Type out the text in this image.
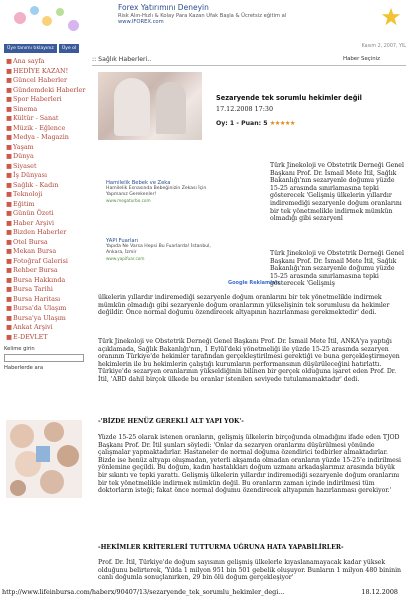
Forex Yatırımını Deneyin
Risk Alın-Hızlı & Kolay Para Kazan Ufak Başla & Ücretsiz eğitim al
www.IFOREX.com
Üye tanımı tıklayınız	Üye ol
■Ana sayfa
■HEDİYE KAZAN!
■Güncel Haberler
■Gündemdeki Haberler
■Spor Haberleri
■Sinema
■Kültür - Sanat
■Müzik - Eğlence
■Medya - Magazin
■Yaşam
■Dünya
■Siyaset
■İş Dünyası
■Sağlık - Kadın
■Teknoloji
■Eğitim
■Günün Özeti
■Haber Arşivi
■Bizden Haberler
■Otel Bursa
■Mekan Bursa
■Fotoğraf Galerisi
■Rehber Bursa
■Bursa Hakkında
■Bursa Tarihi
■Bursa Haritası
■Bursa'da Ulaşım
■Bursa'ya Ulaşım
■Ankat Arşivi
■E-DEVLET
Kelime girin
Haberlerde ara
Kasım 2, 2007, YIL
:: Sağlık Haberleri..	Haber Seçiniz
Sezaryende tek sorumlu hekimler değil
17.12.2008 17:30
Oy: 1 - Puan: 5 ★★★★★
Hamilelik Bebek ve Zeka
Hamilelik Esnasında Bebeğinizin Zekası İçin Yapmanız Gerekenler!
www.megaturbo.com
YAPI Fuarları
Yapıda Ne Varsa Hepsi Bu Fuarlarda! İstanbul, Ankara, İzmir
www.yapifuar.com
Google Reklamları
Türk Jinekoloji ve Obstetrik Derneği Genel Başkanı Prof. Dr. İsmail Mete İtil, Sağlık Bakanlığı'nın sezaryenle doğumu yüzde 15-25 arasında sınırlamasına tepki gösterecek 'Gelişmiş ülkelerin yıllardır indiremediği sezaryenle doğum oranlarını bir tek yönetmelikle indirmek mümkün olmadığı gibi sezaryenl
Türk Jinekoloji ve Obstetrik Derneği Genel Başkanı Prof. Dr. İsmail Mete İtil, Sağlık Bakanlığı'nın sezaryenle doğumu yüzde 15-25 arasında sınırlamasına tepki gösterecek 'Gelişmiş
ülkelerin yıllardır indiremediği sezaryenle doğum oranlarını bir tek yönetmelikle indirmek mümkün olmadığı gibi sezaryenle doğum oranlarının yükselişinin tek sorumlusu da hekimler değildir. Önce normal doğumu özendirecek altyapının hazırlanması gerekmektedir' dedi.
Türk Jinekoloji ve Obstetrik Derneği Genel Başkanı Prof. Dr. İsmail Mete İtil, ANKA'ya yaptığı açıklamada, Sağlık Bakanlığı'nın, 1 Eylül'deki yönetmeliği ile yüzde 15-25 arasında sezaryen oranının Türkiye'de hekimler tarafından gerçekleştirilmesi gerektiği ve buna gerçekleştirmeyen hekimlerin ile bu hekimlerin çalıştığı kurumların performansının düşürüleceğini hatırlattı. Türkiye'de sezaryen oranlarının yükseldiğinin bilinen bir gerçek olduğuna işaret eden Prof. Dr. İtil, 'ABD dahil birçok ülkede bu oranlar istenilen seviyede tutulamamaktadır' dedi.
-'BİZDE HENÜZ GEREKLİ ALT YAPI YOK'-
Yüzde 15-25 olarak istenen oranların, gelişmiş ülkelerin birçoğunda olmadığını ifade eden TJOD Başkanı Prof. Dr. İtil şunları söyledi: 'Onlar da sezaryen oranlarını düşürülmesi yönünde çalışmalar yapmaktadırlar. Hastaneler de normal doğuma özendirici tedbirler almaktadırlar. Bizde ise henüz altyapı oluşmadan, yeterli akşamda olmadan oranların yüzde 15-25'e indirilmesi yönlemine geçildi. Bu doğum, kadın hastalıkları doğum uzmanı arkadaşlarımız arasında büyük bir sıkıntı ve tepki yarattı. Gelişmiş ülkelerin yıllardır indiremediği sezaryenle doğum oranlarını bir tek yönetmelikle indirmek mümkün değil. Bu oranların zaman içinde indirilmesi tüm doktorların isteği; fakat önce normal doğumu özendirecek altyapının hazırlanması gerekiyor.'
-HEKİMLER KRİTERLERİ TUTTURMA UĞRUNA HATA YAPABİLİRLER-
Prof. Dr. İtil, Türkiye'de doğum sayısının gelişmiş ülkelerle kıyaslanamayacak kadar yüksek olduğunu belirterek, 'Yılda 1 milyon 951 bin 501 gebelik oluşuyor. Bunların 1 milyon 480 bininin canlı doğumla sonuçlanırken, 29 bin ölü doğum gerçekleşiyor'
http://www.lifeinbursa.com/haberx/90407/13/sezaryende_tek_sorumlu_hekimler_degi...	18.12.2008
